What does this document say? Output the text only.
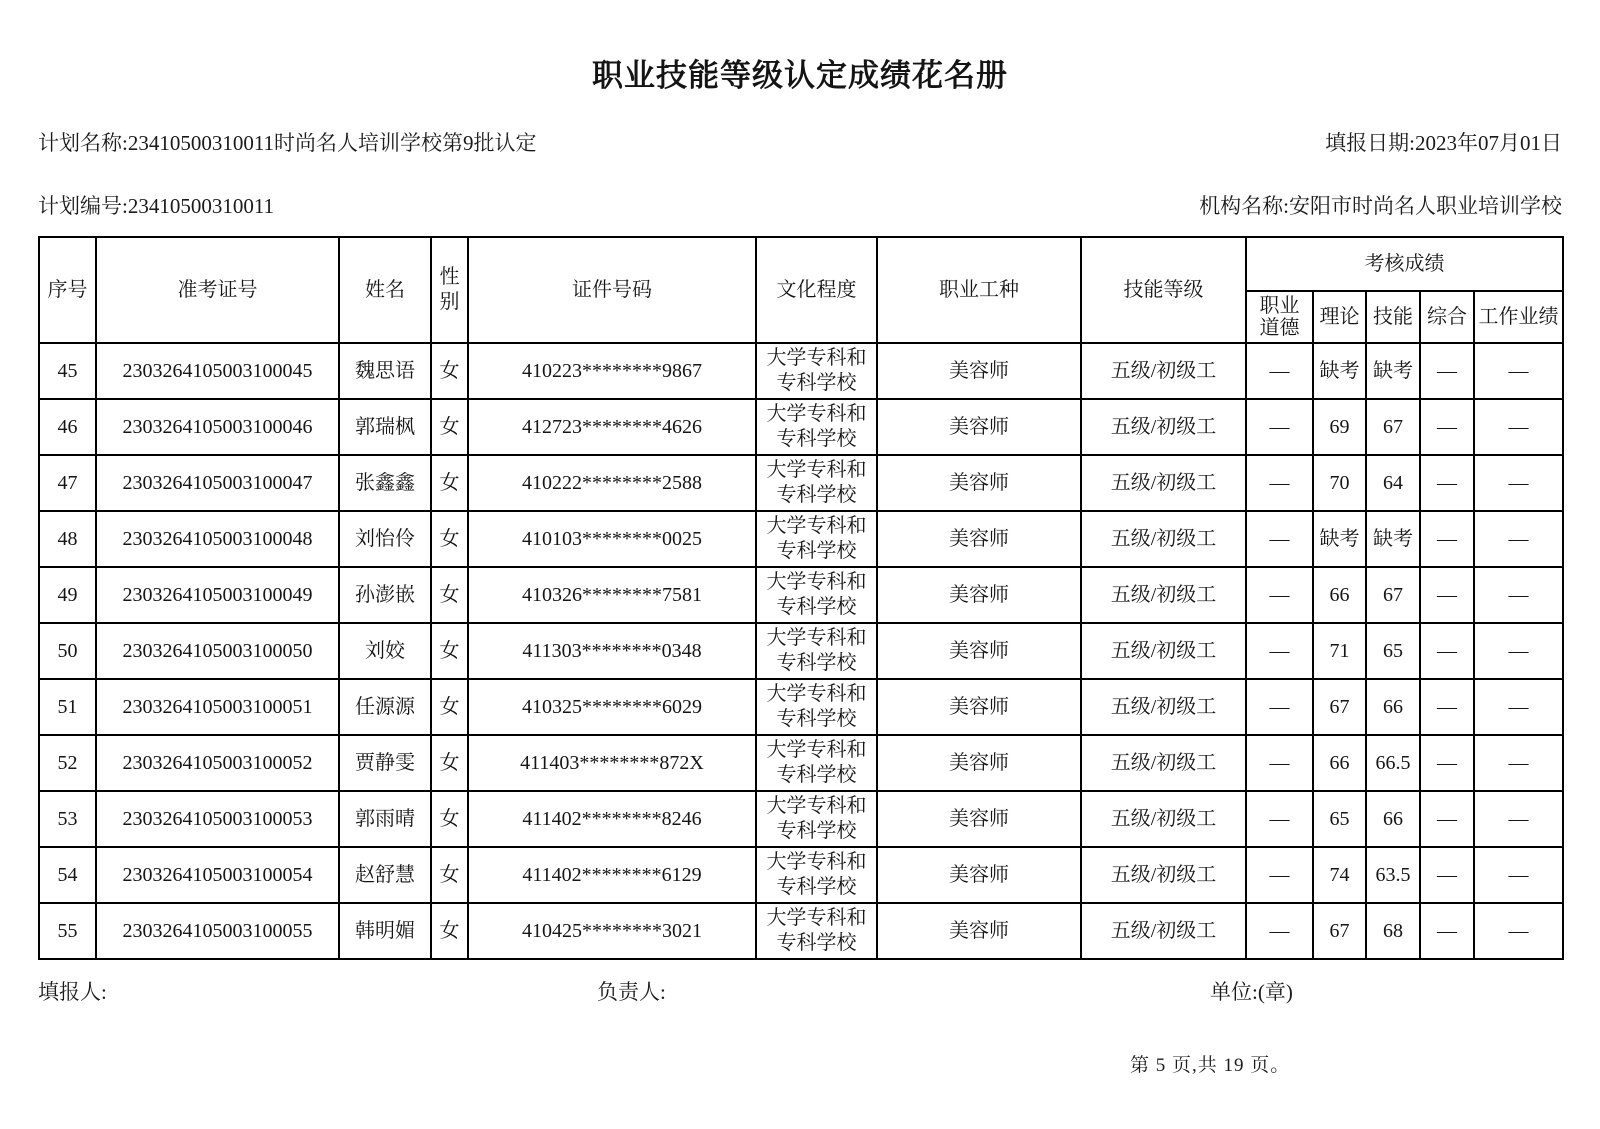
职业技能等级认定成绩花名册
计划名称:23410500310011时尚名人培训学校第9批认定	填报日期:2023年07月01日
计划编号:23410500310011	机构名称:安阳市时尚名人职业培训学校
序号	准考证号	姓名	性别	证件号码	文化程度	职业工种	技能等级	考核成绩				
								职业道德	理论	技能	综合	工作业绩
45	2303264105003100045	魏思语	女	410223********9867	大学专科和专科学校	美容师	五级/初级工	—	缺考	缺考	—	—
46	2303264105003100046	郭瑞枫	女	412723********4626	大学专科和专科学校	美容师	五级/初级工	—	69	67	—	—
47	2303264105003100047	张鑫鑫	女	410222********2588	大学专科和专科学校	美容师	五级/初级工	—	70	64	—	—
48	2303264105003100048	刘怡伶	女	410103********0025	大学专科和专科学校	美容师	五级/初级工	—	缺考	缺考	—	—
49	2303264105003100049	孙澎嵌	女	410326********7581	大学专科和专科学校	美容师	五级/初级工	—	66	67	—	—
50	2303264105003100050	刘姣	女	411303********0348	大学专科和专科学校	美容师	五级/初级工	—	71	65	—	—
51	2303264105003100051	任源源	女	410325********6029	大学专科和专科学校	美容师	五级/初级工	—	67	66	—	—
52	2303264105003100052	贾静雯	女	411403********872X	大学专科和专科学校	美容师	五级/初级工	—	66	66.5	—	—
53	2303264105003100053	郭雨晴	女	411402********8246	大学专科和专科学校	美容师	五级/初级工	—	65	66	—	—
54	2303264105003100054	赵舒慧	女	411402********6129	大学专科和专科学校	美容师	五级/初级工	—	74	63.5	—	—
55	2303264105003100055	韩明媚	女	410425********3021	大学专科和专科学校	美容师	五级/初级工	—	67	68	—	—
填报人:	负责人:	单位:(章)
第 5 页,共 19 页。
